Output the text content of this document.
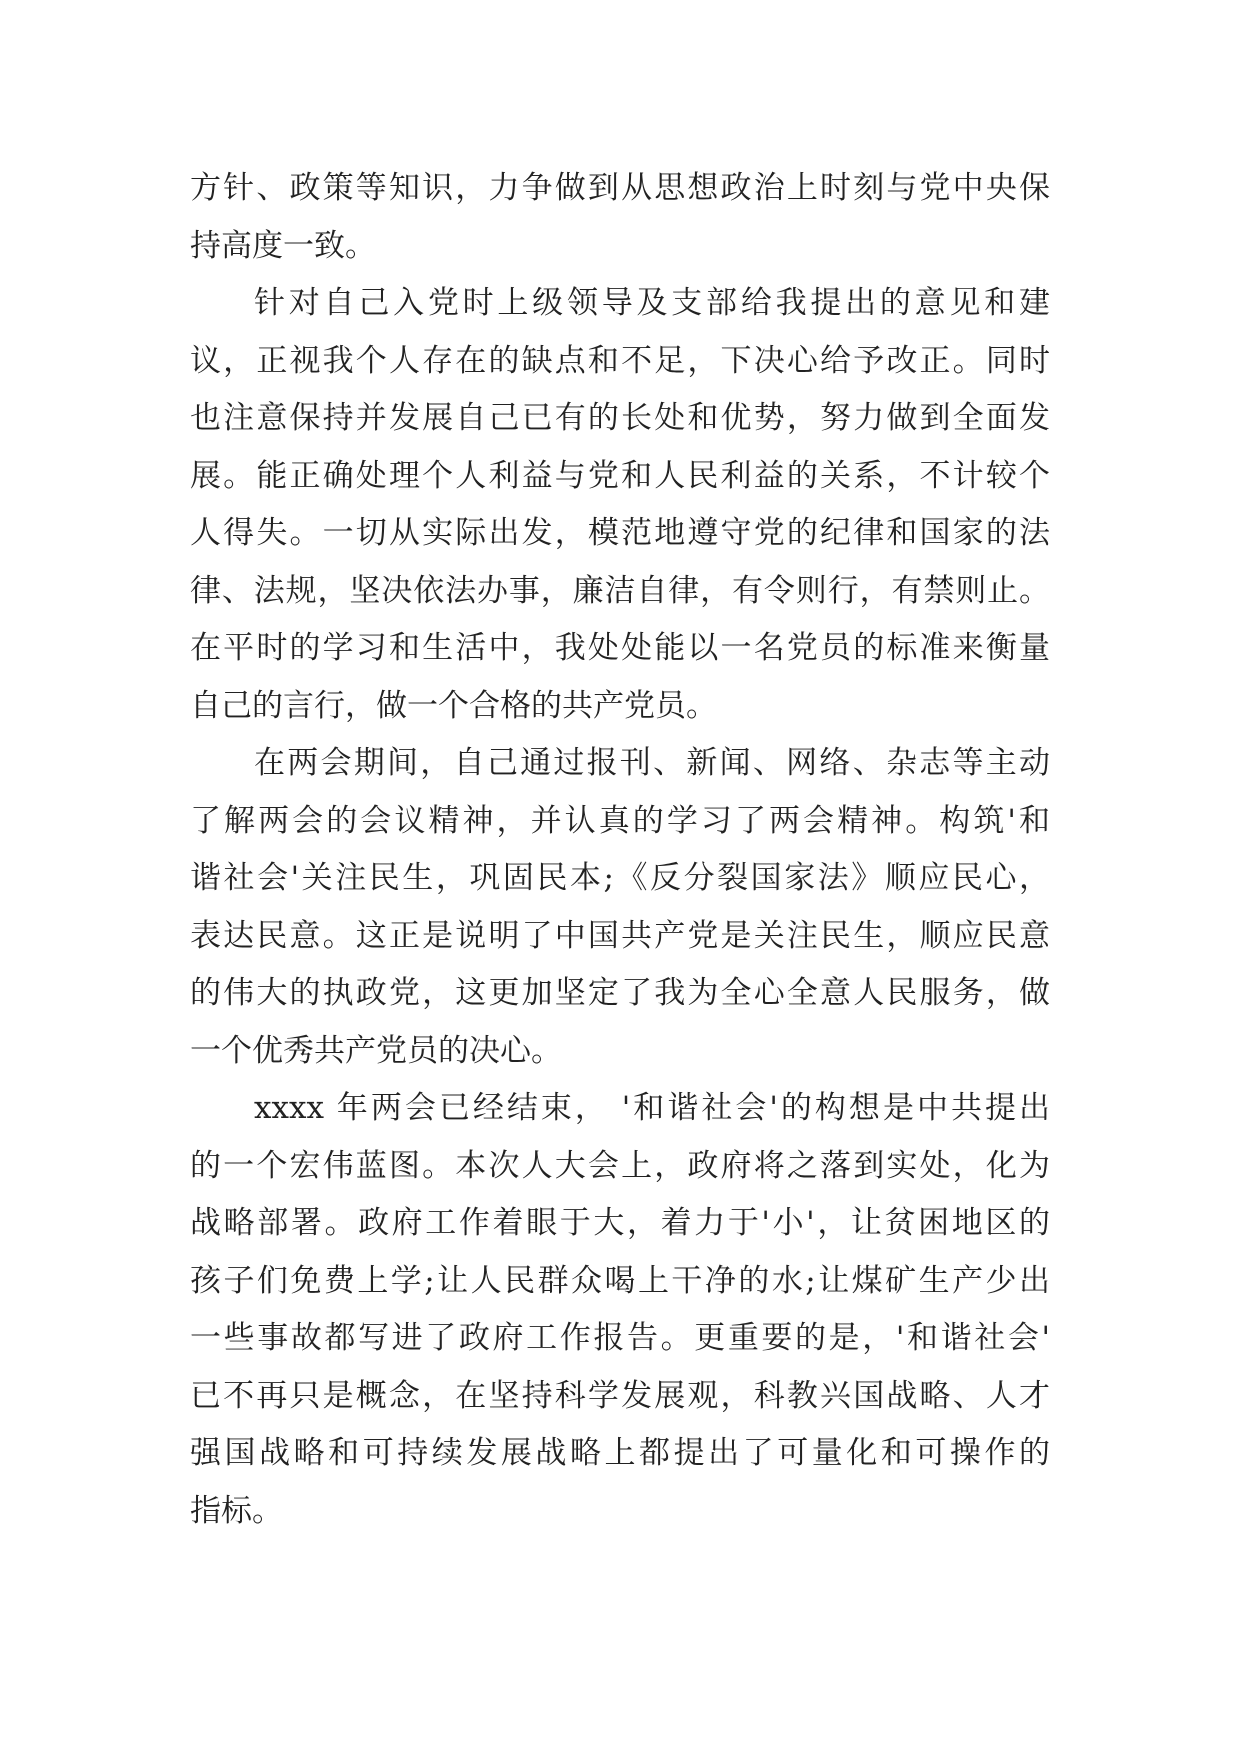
方针、政策等知识，力争做到从思想政治上时刻与党中央保
持高度一致。
针对自己入党时上级领导及支部给我提出的意见和建
议，正视我个人存在的缺点和不足，下决心给予改正。同时
也注意保持并发展自己已有的长处和优势，努力做到全面发
展。能正确处理个人利益与党和人民利益的关系，不计较个
人得失。一切从实际出发，模范地遵守党的纪律和国家的法
律、法规，坚决依法办事，廉洁自律，有令则行，有禁则止。
在平时的学习和生活中，我处处能以一名党员的标准来衡量
自己的言行，做一个合格的共产党员。
在两会期间，自己通过报刊、新闻、网络、杂志等主动
了解两会的会议精神，并认真的学习了两会精神。构筑'和
谐社会'关注民生，巩固民本;《反分裂国家法》顺应民心，
表达民意。这正是说明了中国共产党是关注民生，顺应民意
的伟大的执政党，这更加坚定了我为全心全意人民服务，做
一个优秀共产党员的决心。
xxxx 年两会已经结束， '和谐社会'的构想是中共提出
的一个宏伟蓝图。本次人大会上，政府将之落到实处，化为
战略部署。政府工作着眼于大，着力于'小'，让贫困地区的
孩子们免费上学;让人民群众喝上干净的水;让煤矿生产少出
一些事故都写进了政府工作报告。更重要的是，'和谐社会'
已不再只是概念，在坚持科学发展观，科教兴国战略、人才
强国战略和可持续发展战略上都提出了可量化和可操作的
指标。
